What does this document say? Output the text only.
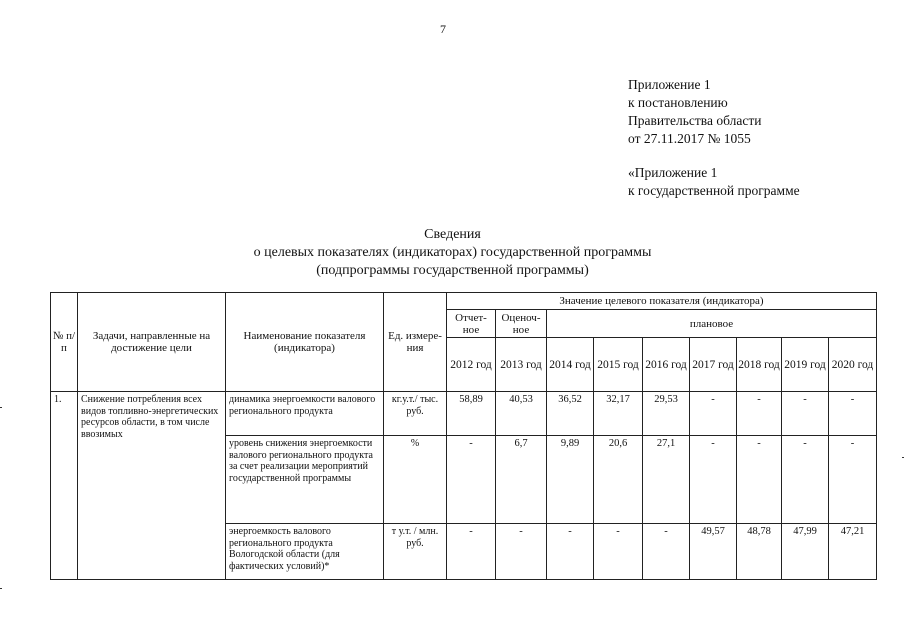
7
Приложение 1
к постановлению
Правительства области
от 27.11.2017 № 1055
«Приложение 1
к государственной программе
Сведения
о целевых показателях (индикаторах) государственной программы
(подпрограммы государственной программы)
№ п/п	Задачи, направленные на достижение цели	Наименование показателя (индикатора)	Ед. измере-ния	Значение целевого показателя (индикатора)								
				Отчет-ное	Оценоч-ное	плановое						
				2012 год	2013 год	2014 год	2015 год	2016 год	2017 год	2018 год	2019 год	2020 год
1.	Снижение потребления всех видов топливно-энергетических ресурсов области, в том числе ввозимых	динамика энергоемкости валового регионального продукта	кг.у.т./ тыс. руб.	58,89	40,53	36,52	32,17	29,53	-	-	-	-
		уровень снижения энергоемкости валового регионального продукта за счет реализации мероприятий государственной программы	%	-	6,7	9,89	20,6	27,1	-	-	-	-
		энергоемкость валового регионального продукта Вологодской области (для фактических условий)*	т у.т. / млн. руб.	-	-	-	-	-	49,57	48,78	47,99	47,21
